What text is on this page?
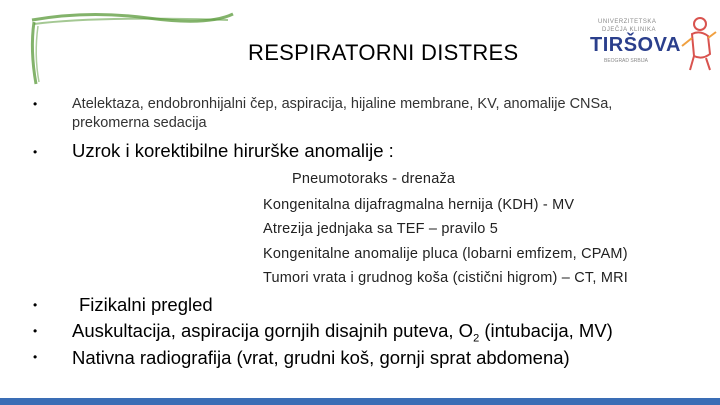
RESPIRATORNI DISTRES
UNIVERZITETSKA
DJEČJA KLINIKA
TIRŠOVA
BEOGRAD SRBIJA
• Atelektaza, endobronhijalni čep, aspiracija, hijaline membrane, KV, anomalije CNSa, prekomerna sedacija
• Uzrok i korektibilne hirurške anomalije :
Pneumotoraks - drenaža
Kongenitalna dijafragmalna hernija (KDH) - MV
Atrezija jednjaka sa TEF – pravilo 5
Kongenitalne anomalije pluca (lobarni emfizem, CPAM)
Tumori vrata i grudnog koša (cistični higrom) – CT, MRI
• Fizikalni pregled
• Auskultacija, aspiracija gornjih disajnih puteva, $O_2$ (intubacija, MV)
• Nativna radiografija (vrat, grudni koš, gornji sprat abdomena)
